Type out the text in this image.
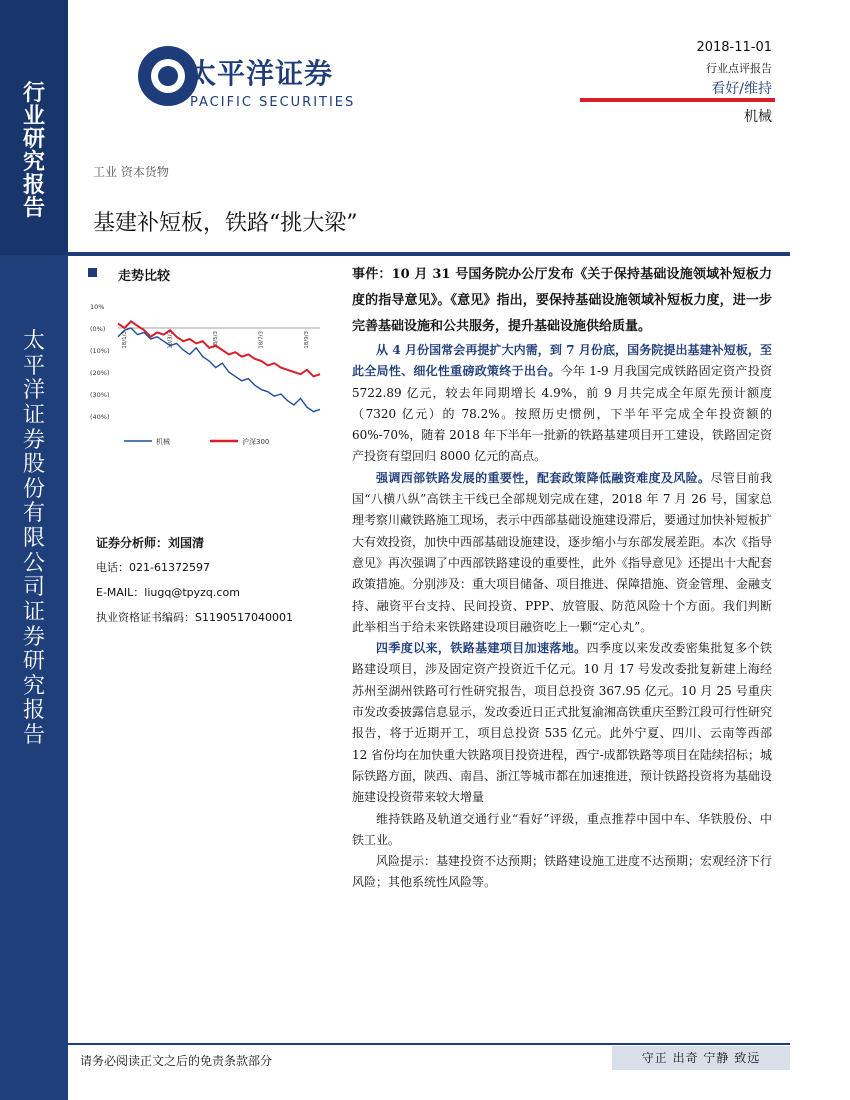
行
业
研
究
报
告
太
平
洋
证
券
股
份
有
限
公
司
证
券
研
究
报
告
太平洋证券
PACIFIC SECURITIES
2018-11-01
行业点评报告
看好/维持
机械
工业 资本货物
基建补短板，铁路“挑大梁”
走势比较
10%
(0%)
(10%)
(20%)
(30%)
(40%)
18/1/3	18/3/3	18/5/3	18/7/3	18/9/3
机械	沪深300
证券分析师：刘国清
电话：021-61372597
E-MAIL：liugq@tpyzq.com
执业资格证书编码：S1190517040001

事件：10 月 31 号国务院办公厅发布《关于保持基础设施领域补短板力度的指导意见》。《意见》指出，要保持基础设施领域补短板力度，进一步完善基础设施和公共服务，提升基础设施供给质量。

从 4 月份国常会再提扩大内需，到 7 月份底，国务院提出基建补短板，至此全局性、细化性重磅政策终于出台。今年 1-9 月我国完成铁路固定资产投资 5722.89 亿元，较去年同期增长 4.9%，前 9 月共完成全年原先预计额度（7320 亿元）的 78.2%。按照历史惯例，下半年平完成全年投资额的 60%-70%，随着 2018 年下半年一批新的铁路基建项目开工建设，铁路固定资产投资有望回归 8000 亿元的高点。

强调西部铁路发展的重要性，配套政策降低融资难度及风险。尽管目前我国“八横八纵”高铁主干线已全部规划完成在建，2018 年 7 月 26 号，国家总理考察川藏铁路施工现场，表示中西部基础设施建设滞后，要通过加快补短板扩大有效投资，加快中西部基础设施建设，逐步缩小与东部发展差距。本次《指导意见》再次强调了中西部铁路建设的重要性，此外《指导意见》还提出十大配套政策措施。分别涉及：重大项目储备、项目推进、保障措施、资金管理、金融支持、融资平台支持、民间投资、PPP、放管服、防范风险十个方面。我们判断此举相当于给未来铁路建设项目融资吃上一颗“定心丸”。

四季度以来，铁路基建项目加速落地。四季度以来发改委密集批复多个铁路建设项目，涉及固定资产投资近千亿元。10 月 17 号发改委批复新建上海经苏州至湖州铁路可行性研究报告，项目总投资 367.95 亿元。10 月 25 号重庆市发改委披露信息显示，发改委近日正式批复渝湘高铁重庆至黔江段可行性研究报告，将于近期开工，项目总投资 535 亿元。此外宁夏、四川、云南等西部 12 省份均在加快重大铁路项目投资进程，西宁-成都铁路等项目在陆续招标；城际铁路方面，陕西、南昌、浙江等城市都在加速推进，预计铁路投资将为基础设施建设投资带来较大增量

维持铁路及轨道交通行业“看好”评级，重点推荐中国中车、华铁股份、中铁工业。

风险提示：基建投资不达预期；铁路建设施工进度不达预期；宏观经济下行风险；其他系统性风险等。

请务必阅读正文之后的免责条款部分	守正 出奇 宁静 致远
